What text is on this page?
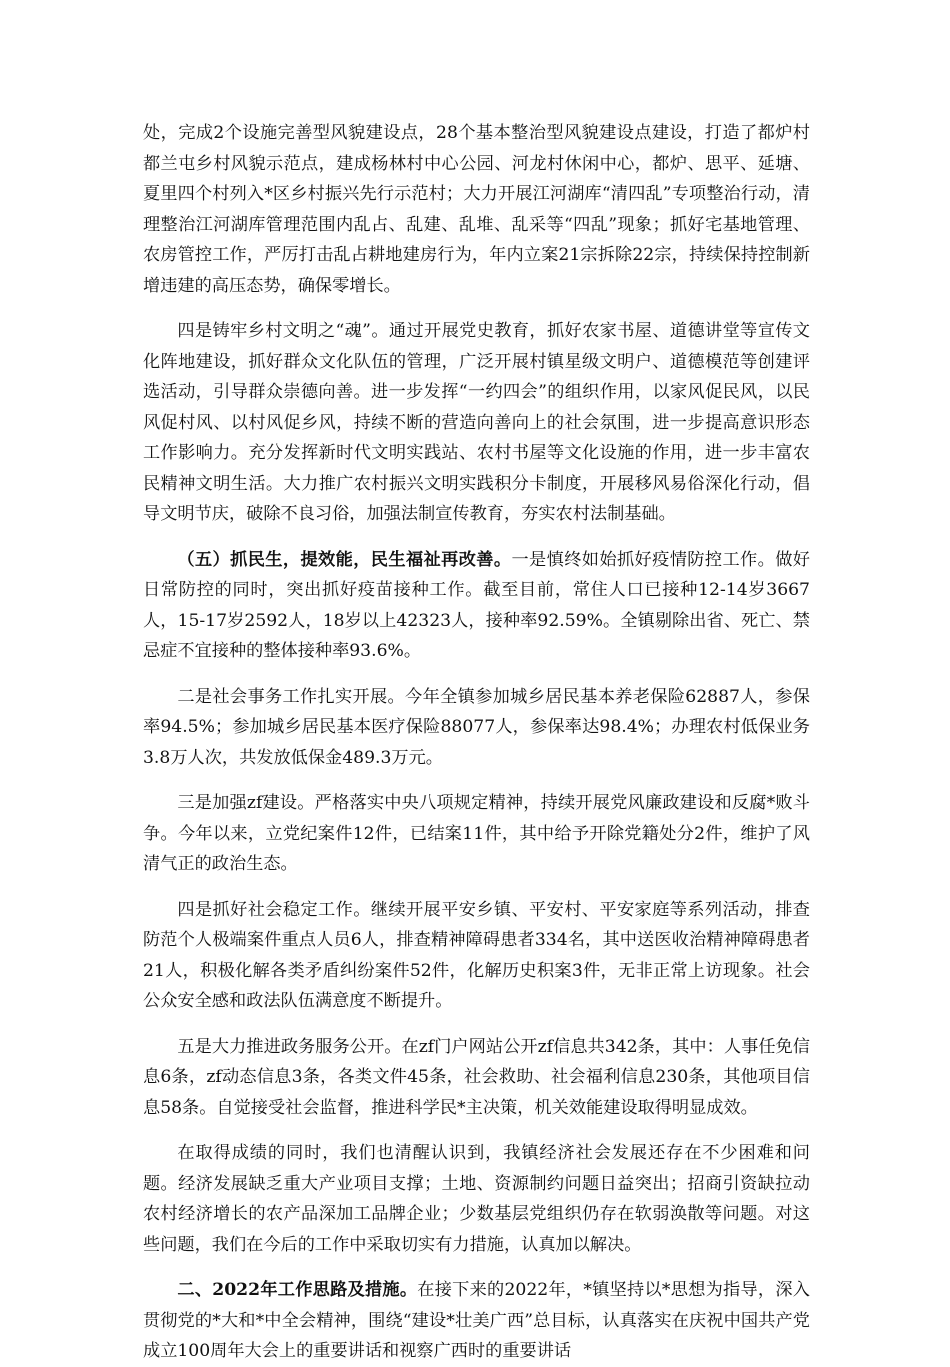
处，完成2个设施完善型风貌建设点，28个基本整治型风貌建设点建设，打造了都炉村都兰屯乡村风貌示范点，建成杨林村中心公园、河龙村休闲中心，都炉、思平、延塘、夏里四个村列入*区乡村振兴先行示范村；大力开展江河湖库“清四乱”专项整治行动，清理整治江河湖库管理范围内乱占、乱建、乱堆、乱采等“四乱”现象；抓好宅基地管理、农房管控工作，严厉打击乱占耕地建房行为，年内立案21宗拆除22宗，持续保持控制新增违建的高压态势，确保零增长。

四是铸牢乡村文明之“魂”。通过开展党史教育，抓好农家书屋、道德讲堂等宣传文化阵地建设，抓好群众文化队伍的管理，广泛开展村镇星级文明户、道德模范等创建评选活动，引导群众崇德向善。进一步发挥“一约四会”的组织作用，以家风促民风，以民风促村风、以村风促乡风，持续不断的营造向善向上的社会氛围，进一步提高意识形态工作影响力。充分发挥新时代文明实践站、农村书屋等文化设施的作用，进一步丰富农民精神文明生活。大力推广农村振兴文明实践积分卡制度，开展移风易俗深化行动，倡导文明节庆，破除不良习俗，加强法制宣传教育，夯实农村法制基础。

（五）抓民生，提效能，民生福祉再改善。一是慎终如始抓好疫情防控工作。做好日常防控的同时，突出抓好疫苗接种工作。截至目前，常住人口已接种12-14岁3667人，15-17岁2592人，18岁以上42323人，接种率92.59%。全镇剔除出省、死亡、禁忌症不宜接种的整体接种率93.6%。

二是社会事务工作扎实开展。今年全镇参加城乡居民基本养老保险62887人，参保率94.5%；参加城乡居民基本医疗保险88077人，参保率达98.4%；办理农村低保业务3.8万人次，共发放低保金489.3万元。

三是加强zf建设。严格落实中央八项规定精神，持续开展党风廉政建设和反腐*败斗争。今年以来，立党纪案件12件，已结案11件，其中给予开除党籍处分2件，维护了风清气正的政治生态。

四是抓好社会稳定工作。继续开展平安乡镇、平安村、平安家庭等系列活动，排查防范个人极端案件重点人员6人，排查精神障碍患者334名，其中送医收治精神障碍患者21人，积极化解各类矛盾纠纷案件52件，化解历史积案3件，无非正常上访现象。社会公众安全感和政法队伍满意度不断提升。

五是大力推进政务服务公开。在zf门户网站公开zf信息共342条，其中：人事任免信息6条，zf动态信息3条，各类文件45条，社会救助、社会福利信息230条，其他项目信息58条。自觉接受社会监督，推进科学民*主决策，机关效能建设取得明显成效。

在取得成绩的同时，我们也清醒认识到，我镇经济社会发展还存在不少困难和问题。经济发展缺乏重大产业项目支撑；土地、资源制约问题日益突出；招商引资缺拉动农村经济增长的农产品深加工品牌企业；少数基层党组织仍存在软弱涣散等问题。对这些问题，我们在今后的工作中采取切实有力措施，认真加以解决。

二、2022年工作思路及措施。在接下来的2022年，*镇坚持以*思想为指导，深入贯彻党的*大和*中全会精神，围绕“建设*壮美广西”总目标，认真落实在庆祝中国共产党成立100周年大会上的重要讲话和视察广西时的重要讲话
